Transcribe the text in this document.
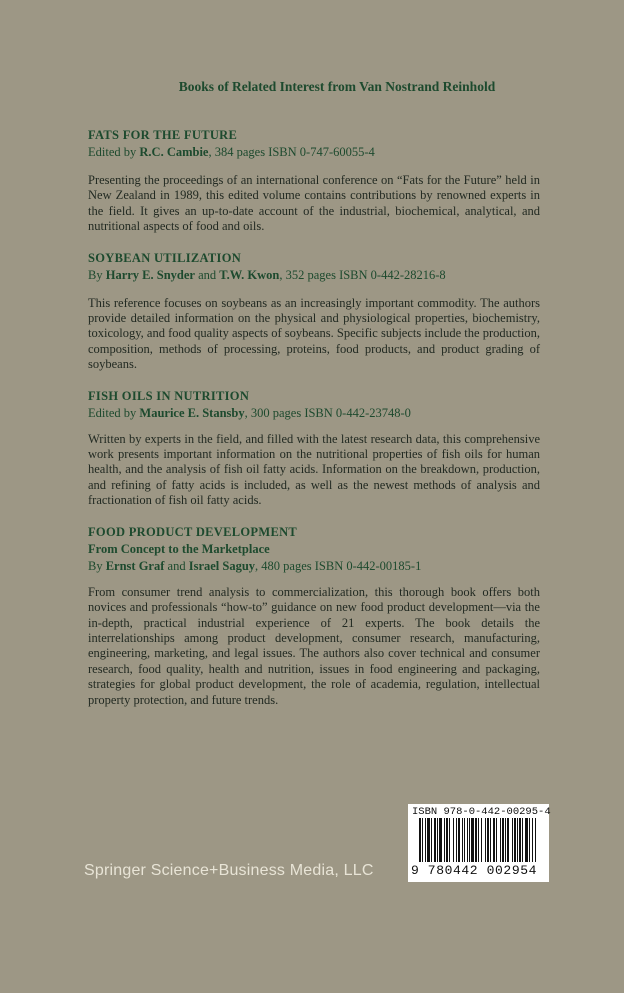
Books of Related Interest from Van Nostrand Reinhold
FATS FOR THE FUTURE
Edited by R.C. Cambie, 384 pages ISBN 0-747-60055-4
Presenting the proceedings of an international conference on “Fats for the Future” held in New Zealand in 1989, this edited volume contains contributions by renowned experts in the field. It gives an up-to-date account of the industrial, biochemical, analytical, and nutritional aspects of food and oils.
SOYBEAN UTILIZATION
By Harry E. Snyder and T.W. Kwon, 352 pages ISBN 0-442-28216-8
This reference focuses on soybeans as an increasingly important commodity. The authors provide detailed information on the physical and physiological properties, biochemistry, toxicology, and food quality aspects of soybeans. Specific subjects include the production, composition, methods of processing, proteins, food products, and product grading of soybeans.
FISH OILS IN NUTRITION
Edited by Maurice E. Stansby, 300 pages ISBN 0-442-23748-0
Written by experts in the field, and filled with the latest research data, this comprehensive work presents important information on the nutritional properties of fish oils for human health, and the analysis of fish oil fatty acids. Information on the breakdown, production, and refining of fatty acids is included, as well as the newest methods of analysis and fractionation of fish oil fatty acids.
FOOD PRODUCT DEVELOPMENT
From Concept to the Marketplace
By Ernst Graf and Israel Saguy, 480 pages ISBN 0-442-00185-1
From consumer trend analysis to commercialization, this thorough book offers both novices and professionals “how-to” guidance on new food product development—via the in-depth, practical industrial experience of 21 experts. The book details the interrelationships among product development, consumer research, manufacturing, engineering, marketing, and legal issues. The authors also cover technical and consumer research, food quality, health and nutrition, issues in food engineering and packaging, strategies for global product development, the role of academia, regulation, intellectual property protection, and future trends.
Springer Science+Business Media, LLC
ISBN 978-0-442-00295-4
9 780442 002954
